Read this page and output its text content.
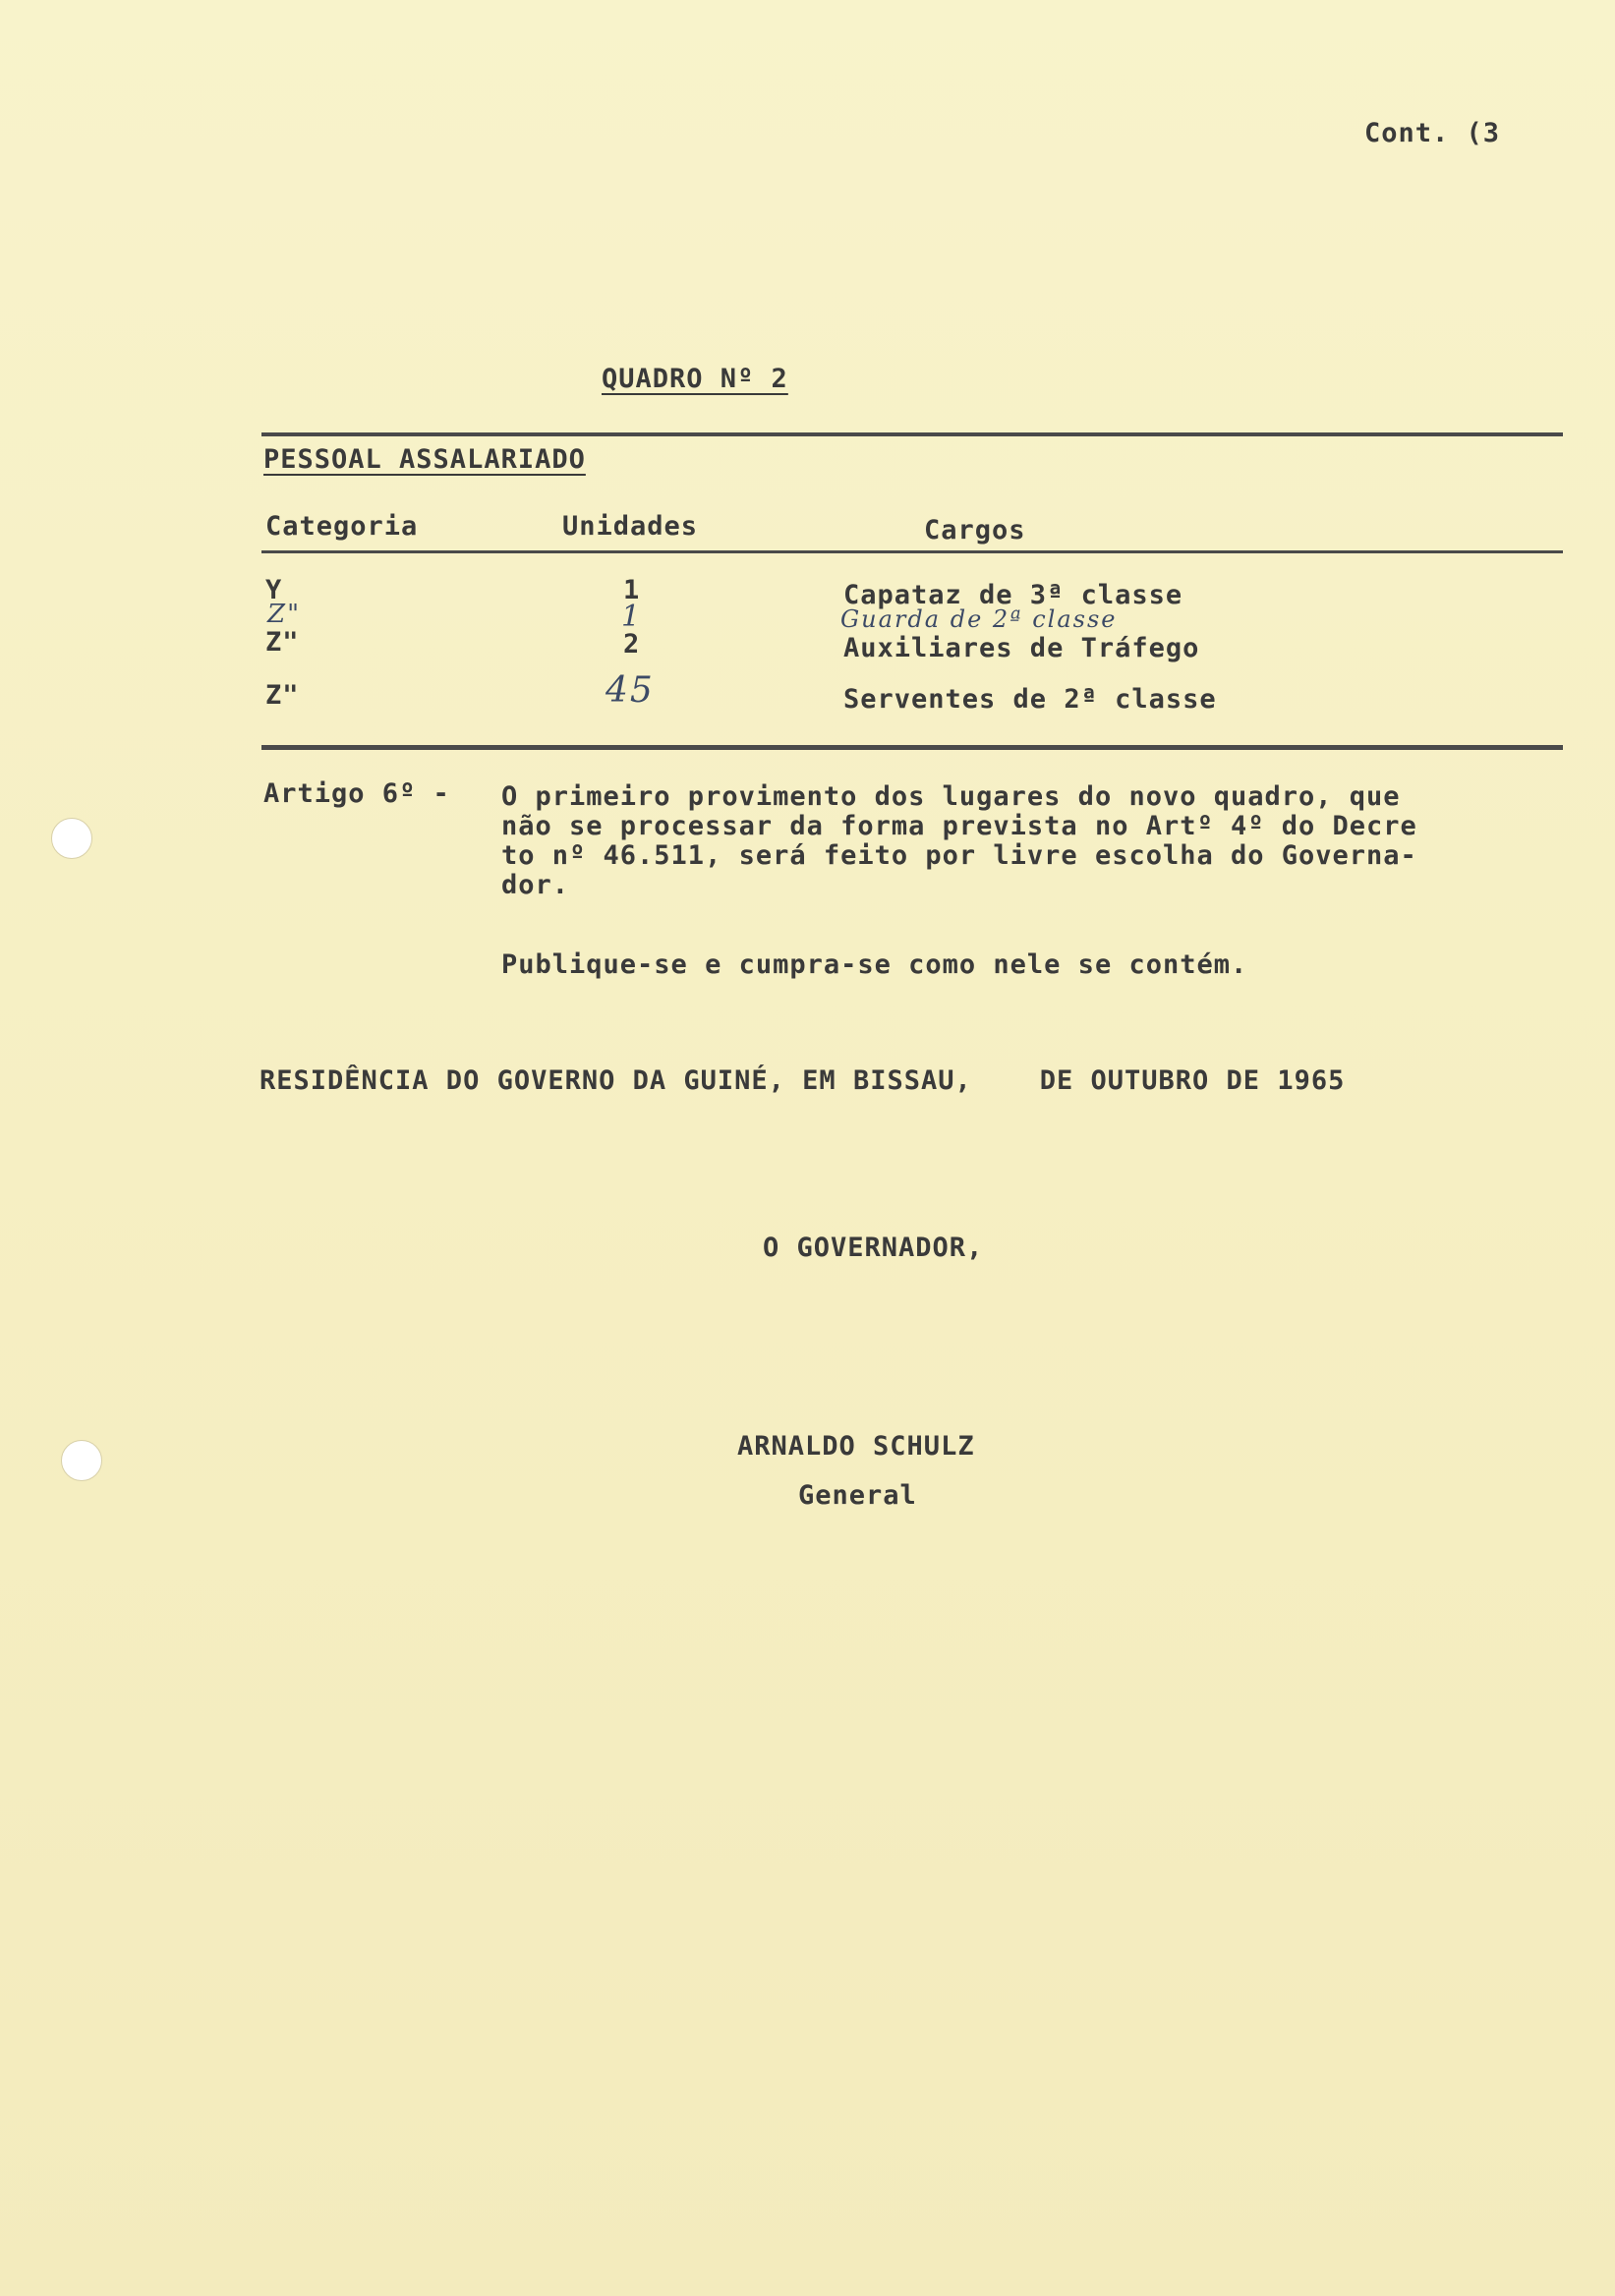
Cont. (3
QUADRO Nº 2
PESSOAL ASSALARIADO
Categoria	Unidades	Cargos
Y	1	Capataz de 3ª classe
Z"	1	Guarda de 2ª classe
Z"	2	Auxiliares de Tráfego
Z"	45	Serventes de 2ª classe
Artigo 6º - O primeiro provimento dos lugares do novo quadro, que
não se processar da forma prevista no Artº 4º do Decre
to nº 46.511, será feito por livre escolha do Governa-
dor.
Publique-se e cumpra-se como nele se contém.
RESIDÊNCIA DO GOVERNO DA GUINÉ, EM BISSAU,    DE OUTUBRO DE 1965
O GOVERNADOR,
ARNALDO SCHULZ
General
